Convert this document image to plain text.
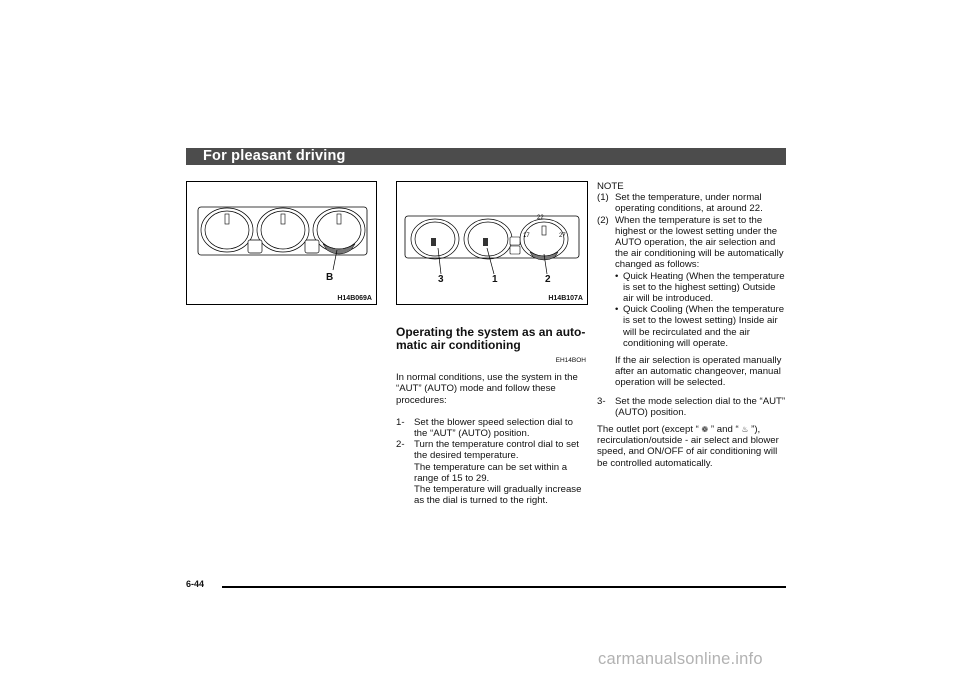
For pleasant driving
B
H14B069A
22
17	27
3	1	2
H14B107A
Operating the system as an auto-
matic air conditioning
EH14BOH

In normal conditions, use the system in the “AUT” (AUTO) mode and follow these procedures:

1- Set the blower speed selection dial to the “AUT” (AUTO) position.
2- Turn the temperature control dial to set the desired temperature.
The temperature can be set within a range of 15 to 29.
The temperature will gradually increase as the dial is turned to the right.
NOTE
(1) Set the temperature, under normal operating conditions, at around 22.
(2) When the temperature is set to the highest or the lowest setting under the AUTO operation, the air selection and the air conditioning will be automatically changed as follows:
• Quick Heating (When the temperature is set to the highest setting) Outside air will be introduced.
• Quick Cooling (When the temperature is set to the lowest setting) Inside air will be recirculated and the air conditioning will operate.
If the air selection is operated manually after an automatic changeover, manual operation will be selected.
3- Set the mode selection dial to the “AUT” (AUTO) position.

The outlet port (except “ ❁ ” and “ ♨ ”), recirculation/outside - air select and blower speed, and ON/OFF of air conditioning will be controlled automatically.

6-44
carmanualsonline.info
